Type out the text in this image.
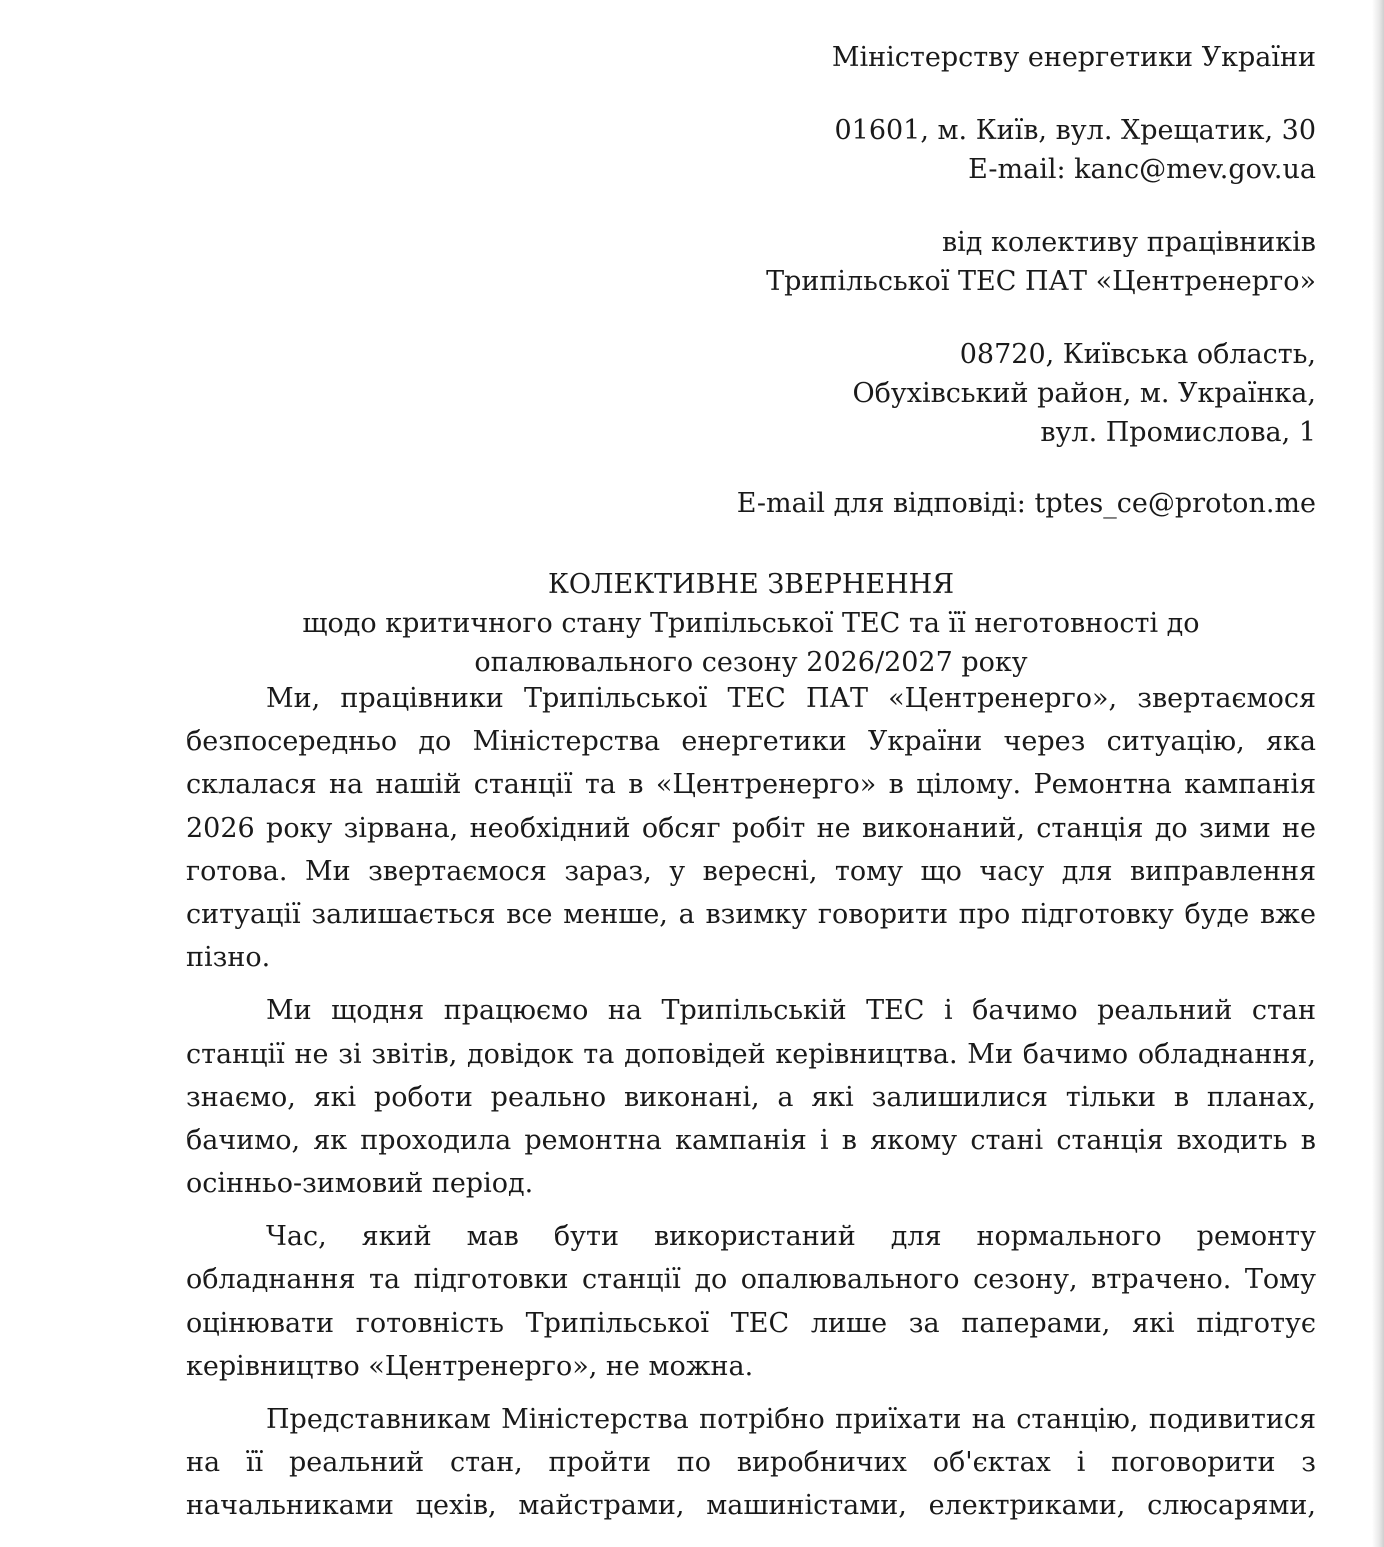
Міністерству енергетики України
01601, м. Київ, вул. Хрещатик, 30
E-mail: kanc@mev.gov.ua
від колективу працівників
Трипільської ТЕС ПАТ «Центренерго»
08720, Київська область,
Обухівський район, м. Українка,
вул. Промислова, 1
E-mail для відповіді: tptes_ce@proton.me
КОЛЕКТИВНЕ ЗВЕРНЕННЯ
щодо критичного стану Трипільської ТЕС та її неготовності до
опалювального сезону 2026/2027 року
Ми, працівники Трипільської ТЕС ПАТ «Центренерго», звертаємося
безпосередньо до Міністерства енергетики України через ситуацію, яка
склалася на нашій станції та в «Центренерго» в цілому. Ремонтна кампанія
2026 року зірвана, необхідний обсяг робіт не виконаний, станція до зими не
готова. Ми звертаємося зараз, у вересні, тому що часу для виправлення
ситуації залишається все менше, а взимку говорити про підготовку буде вже
пізно.
Ми щодня працюємо на Трипільській ТЕС і бачимо реальний стан
станції не зі звітів, довідок та доповідей керівництва. Ми бачимо обладнання,
знаємо, які роботи реально виконані, а які залишилися тільки в планах,
бачимо, як проходила ремонтна кампанія і в якому стані станція входить в
осінньо-зимовий період.
Час, який мав бути використаний для нормального ремонту
обладнання та підготовки станції до опалювального сезону, втрачено. Тому
оцінювати готовність Трипільської ТЕС лише за паперами, які підготує
керівництво «Центренерго», не можна.
Представникам Міністерства потрібно приїхати на станцію, подивитися
на її реальний стан, пройти по виробничих об'єктах і поговорити з
начальниками цехів, майстрами, машиністами, електриками, слюсарями,
